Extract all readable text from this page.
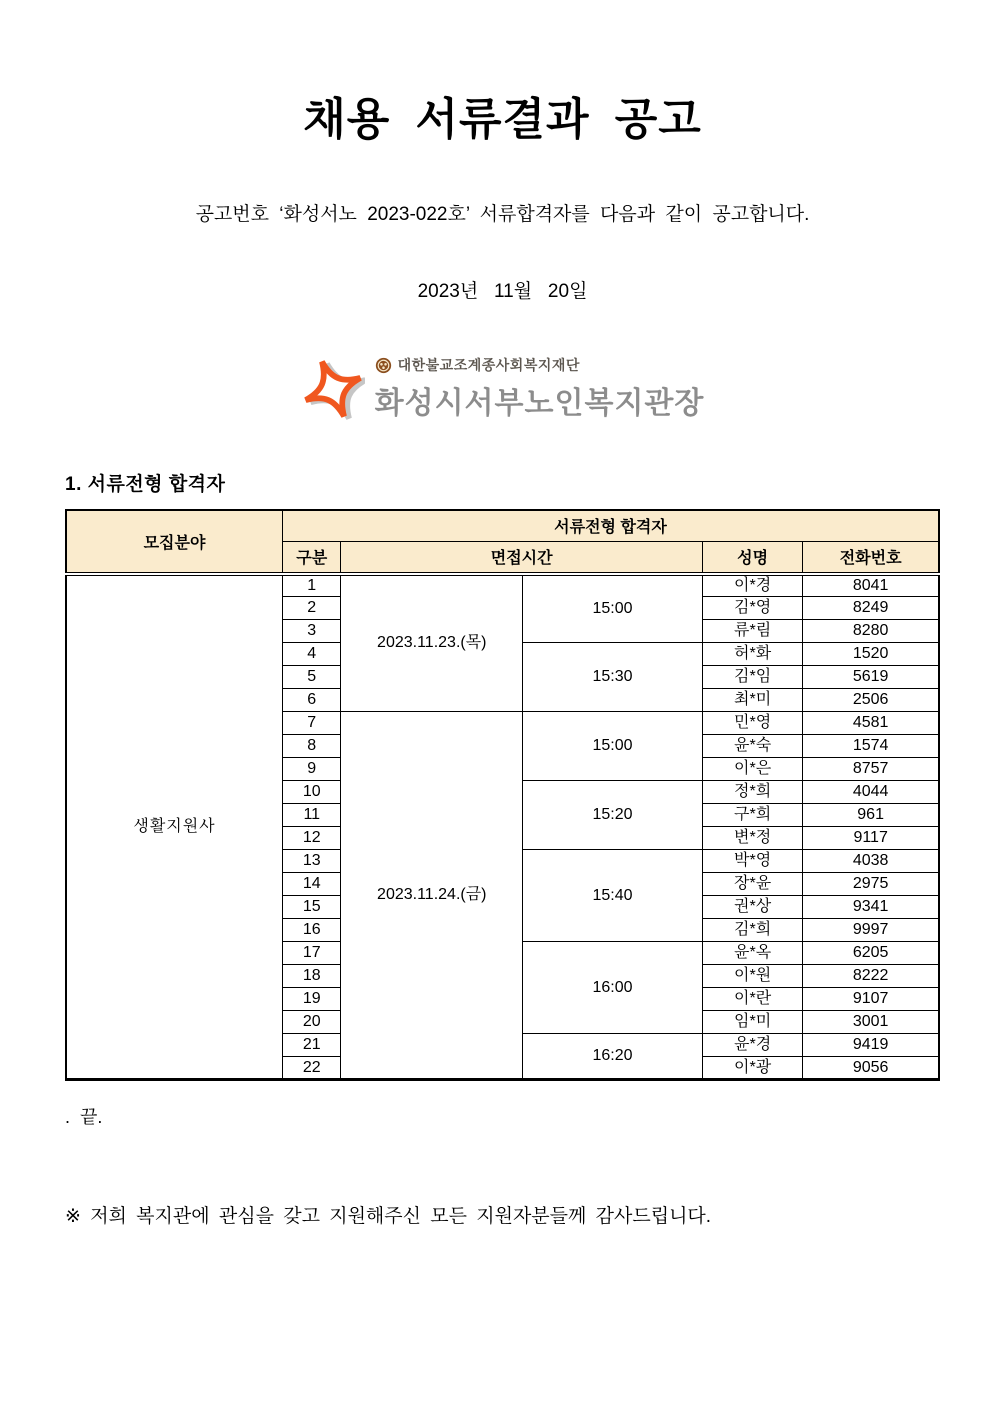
채용 서류결과 공고

공고번호 ‘화성서노 2023-022호’ 서류합격자를 다음과 같이 공고합니다.

2023년   11월   20일

대한불교조계종사회복지재단
화성시서부노인복지관장
1. 서류전형 합격자
모집분야	서류전형 합격자				
	구분	면접시간		성명	전화번호
생활지원사	1	2023.11.23.(목)	15:00	이*경	8041
	2			김*영	8249
	3			류*림	8280
	4		15:30	허*화	1520
	5			김*임	5619
	6			최*미	2506
	7	2023.11.24.(금)	15:00	민*영	4581
	8			윤*숙	1574
	9			이*은	8757
	10		15:20	정*희	4044
	11			구*희	961
	12			변*정	9117
	13		15:40	박*영	4038
	14			장*윤	2975
	15			권*상	9341
	16			김*희	9997
	17		16:00	윤*옥	6205
	18			이*원	8222
	19			이*란	9107
	20			임*미	3001
	21		16:20	윤*경	9419
	22			이*광	9056

.  끝.

※ 저희 복지관에 관심을 갖고 지원해주신 모든 지원자분들께 감사드립니다.
